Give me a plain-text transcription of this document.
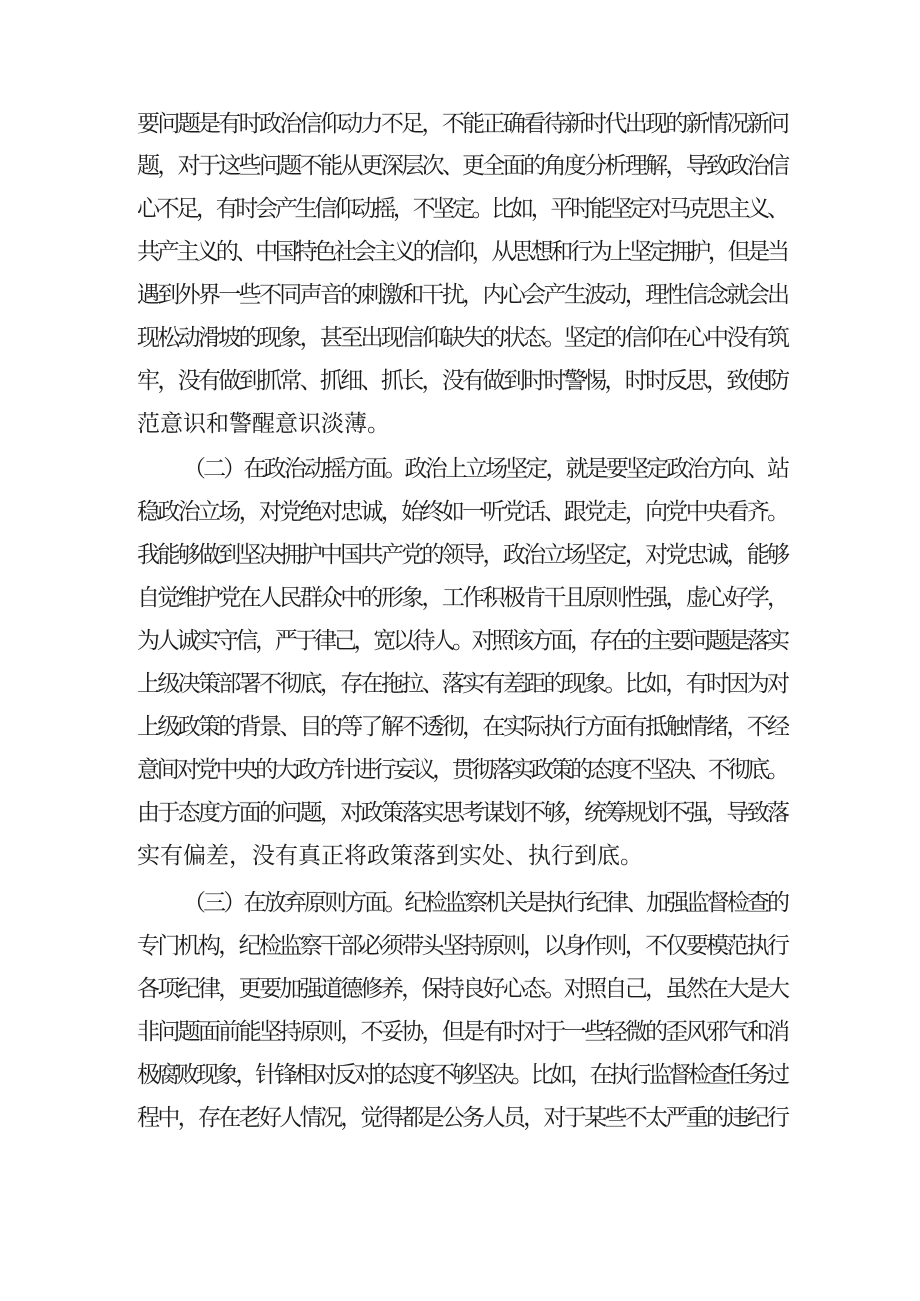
要问题是有时政治信仰动力不足，不能正确看待新时代出现的新情况新问
题，对于这些问题不能从更深层次、更全面的角度分析理解，导致政治信
心不足，有时会产生信仰动摇，不坚定。比如，平时能坚定对马克思主义、
共产主义的、中国特色社会主义的信仰，从思想和行为上坚定拥护，但是当
遇到外界一些不同声音的刺激和干扰，内心会产生波动，理性信念就会出
现松动滑坡的现象，甚至出现信仰缺失的状态。坚定的信仰在心中没有筑
牢，没有做到抓常、抓细、抓长，没有做到时时警惕，时时反思，致使防
范意识和警醒意识淡薄。
（二）在政治动摇方面。政治上立场坚定，就是要坚定政治方向、站
稳政治立场，对党绝对忠诚，始终如一听党话、跟党走，向党中央看齐。
我能够做到坚决拥护中国共产党的领导，政治立场坚定，对党忠诚，能够
自觉维护党在人民群众中的形象，工作积极肯干且原则性强，虚心好学，
为人诚实守信，严于律己，宽以待人。对照该方面，存在的主要问题是落实
上级决策部署不彻底，存在拖拉、落实有差距的现象。比如，有时因为对
上级政策的背景、目的等了解不透彻，在实际执行方面有抵触情绪，不经
意间对党中央的大政方针进行妄议，贯彻落实政策的态度不坚决、不彻底。
由于态度方面的问题，对政策落实思考谋划不够，统筹规划不强，导致落
实有偏差，没有真正将政策落到实处、执行到底。
（三）在放弃原则方面。纪检监察机关是执行纪律、加强监督检查的
专门机构，纪检监察干部必须带头坚持原则，以身作则，不仅要模范执行
各项纪律，更要加强道德修养，保持良好心态。对照自己，虽然在大是大
非问题面前能坚持原则，不妥协，但是有时对于一些轻微的歪风邪气和消
极腐败现象，针锋相对反对的态度不够坚决。比如，在执行监督检查任务过
程中，存在老好人情况，觉得都是公务人员，对于某些不太严重的违纪行
